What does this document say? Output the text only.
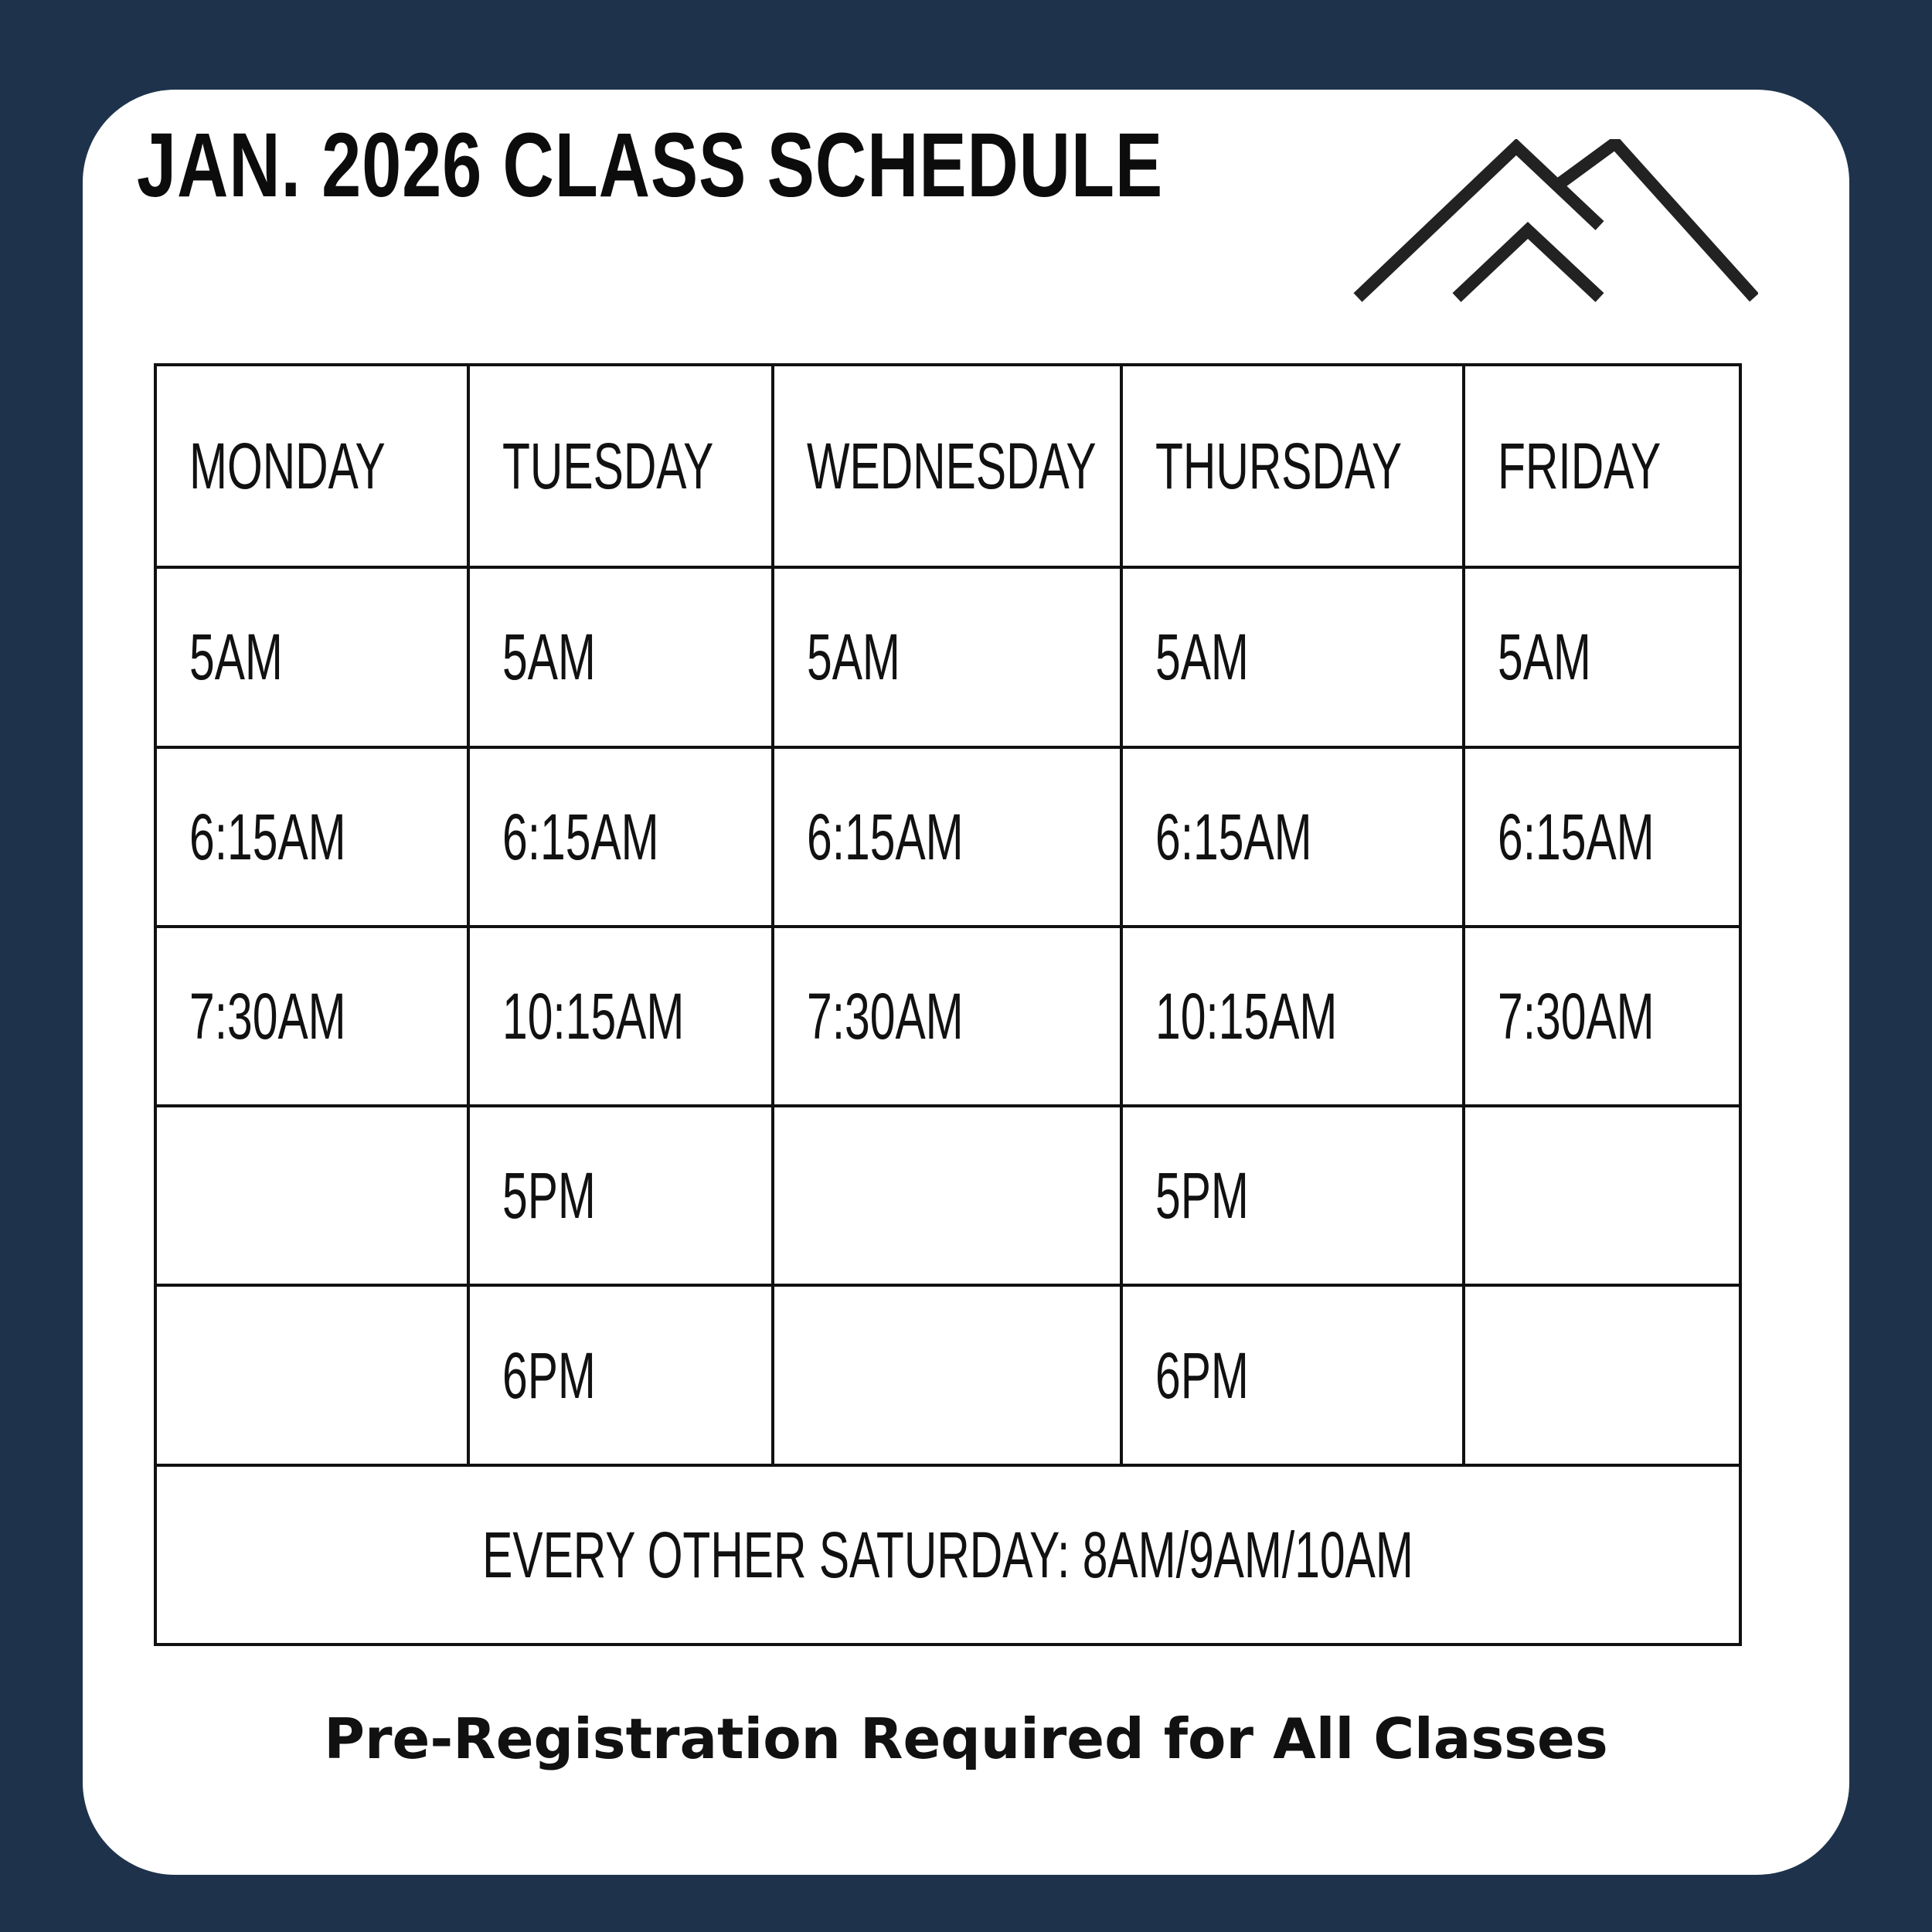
JAN. 2026 CLASS SCHEDULE
MONDAY	TUESDAY	WEDNESDAY	THURSDAY	FRIDAY
5AM	5AM	5AM	5AM	5AM
6:15AM	6:15AM	6:15AM	6:15AM	6:15AM
7:30AM	10:15AM	7:30AM	10:15AM	7:30AM
	5PM		5PM	
	6PM		6PM	
EVERY OTHER SATURDAY: 8AM/9AM/10AM				
Pre-Registration Required for All Classes
